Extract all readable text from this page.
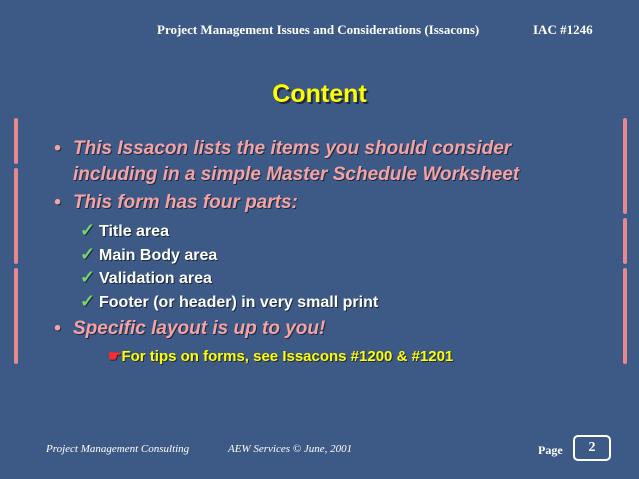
Project Management Issues and Considerations (Issacons)	IAC #1246
Content
• This Issacon lists the items you should consider
including in a simple Master Schedule Worksheet
• This form has four parts:
✓ Title area
✓ Main Body area
✓ Validation area
✓ Footer (or header) in very small print
• Specific layout is up to you!
☛For tips on forms, see Issacons #1200 & #1201
Project Management Consulting	AEW Services © June, 2001	Page	2
